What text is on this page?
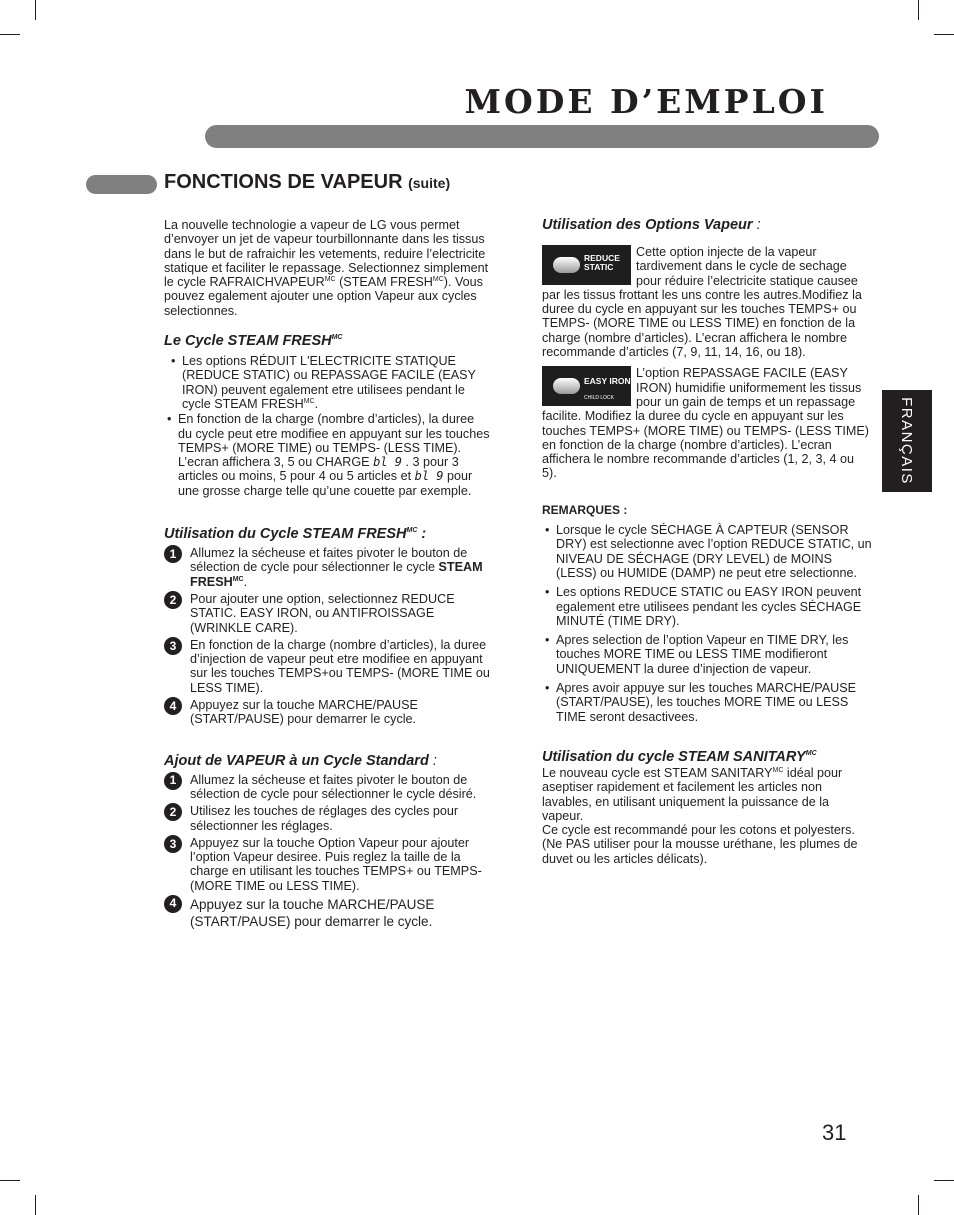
MODE D’EMPLOI
FONCTIONS DE VAPEUR (suite)
FRANÇAIS

La nouvelle technologie a vapeur de LG vous permet d’envoyer un jet de vapeur tourbillonnante dans les tissus dans le but de rafraichir les vetements, reduire l’electricite statique et faciliter le repassage. Selectionnez simplement le cycle $RAFRAICHVAPEUR^{MC}$ (STEAM $FRESH^{MC}$). Vous pouvez egalement ajouter une option Vapeur aux cycles selectionnes.

Le Cycle STEAM $FRESH^{MC}$
• Les options RÉDUIT L'ELECTRICITE STATIQUE (REDUCE STATIC) ou REPASSAGE FACILE (EASY IRON) peuvent egalement etre utilisees pendant le cycle STEAM $FRESH^{MC}$.
• En fonction de la charge (nombre d’articles), la duree du cycle peut etre modifiee en appuyant sur les touches TEMPS+ (MORE TIME) ou TEMPS- (LESS TIME). L’ecran affichera 3, 5 ou CHARGE bl 9 . 3 pour 3 articles ou moins, 5 pour 4 ou 5 articles et bl 9 pour une grosse charge telle qu’une couette par exemple.
Utilisation du Cycle STEAM $FRESH^{MC}$ :
1	Allumez la sécheuse et faites pivoter le bouton de sélection de cycle pour sélectionner le cycle STEAM $FRESH^{MC}$.
2	Pour ajouter une option, selectionnez REDUCE STATIC. EASY IRON, ou ANTIFROISSAGE (WRINKLE CARE).
3	En fonction de la charge (nombre d’articles), la duree d’injection de vapeur peut etre modifiee en appuyant sur les touches TEMPS+ou TEMPS- (MORE TIME ou LESS TIME).
4	Appuyez sur la touche MARCHE/PAUSE (START/PAUSE) pour demarrer le cycle.
Ajout de VAPEUR à un Cycle Standard :
1	Allumez la sécheuse et faites pivoter le bouton de sélection de cycle pour sélectionner le cycle désiré.
2	Utilisez les touches de réglages des cycles pour sélectionner les réglages.
3	Appuyez sur la touche Option Vapeur pour ajouter l’option Vapeur desiree. Puis reglez la taille de la charge en utilisant les touches TEMPS+ ou TEMPS- (MORE TIME ou LESS TIME).
4	Appuyez sur la touche MARCHE/PAUSE (START/PAUSE) pour demarrer le cycle.
Utilisation des Options Vapeur :
REDUCE
STATIC

Cette option injecte de la vapeur tardivement dans le cycle de sechage pour réduire l’electricite statique causee par les tissus frottant les uns contre les autres.Modifiez la duree du cycle en appuyant sur les touches TEMPS+ ou TEMPS- (MORE TIME ou LESS TIME) en fonction de la charge (nombre d’articles). L’ecran affichera le nombre recommande d’articles (7, 9, 11, 14, 16, ou 18).

EASY IRON
CHILD LOCK

L’option REPASSAGE FACILE (EASY IRON) humidifie uniformement les tissus pour un gain de temps et un repassage facilite. Modifiez la duree du cycle en appuyant sur les touches TEMPS+ (MORE TIME) ou TEMPS- (LESS TIME) en fonction de la charge (nombre d’articles). L’ecran affichera le nombre recommande d’articles (1, 2, 3, 4 ou 5).

REMARQUES :
• Lorsque le cycle SÉCHAGE À CAPTEUR (SENSOR DRY) est selectionne avec l’option REDUCE STATIC, un NIVEAU DE SÉCHAGE (DRY LEVEL) de MOINS (LESS) ou HUMIDE (DAMP) ne peut etre selectionne.
• Les options REDUCE STATIC ou EASY IRON peuvent egalement etre utilisees pendant les cycles SÉCHAGE MINUTÉ (TIME DRY).
• Apres selection de l’option Vapeur en TIME DRY, les touches MORE TIME ou LESS TIME modifieront UNIQUEMENT la duree d’injection de vapeur.
• Apres avoir appuye sur les touches MARCHE/PAUSE (START/PAUSE), les touches MORE TIME ou LESS TIME seront desactivees.
Utilisation du cycle STEAM $SANITARY^{MC}$

Le nouveau cycle est STEAM $SANITARY^{MC}$ idéal pour aseptiser rapidement et facilement les articles non lavables, en utilisant uniquement la puissance de la vapeur.

Ce cycle est recommandé pour les cotons et polyesters.

(Ne PAS utiliser pour la mousse uréthane, les plumes de duvet ou les articles délicats).

31
